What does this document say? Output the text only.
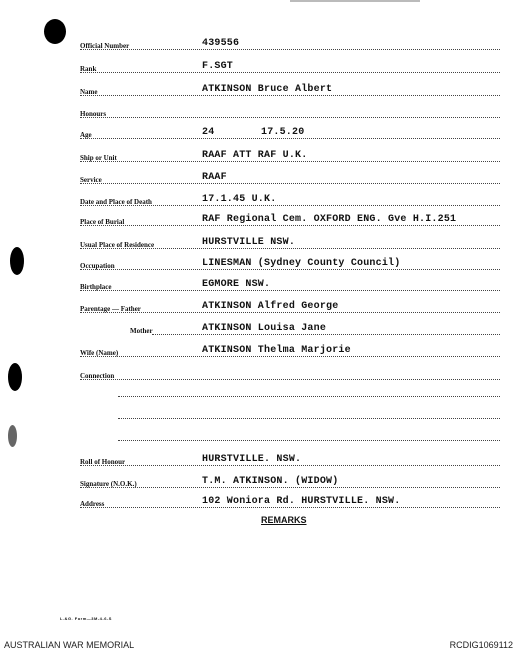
Official Number	439556
Rank	F.SGT
Name	ATKINSON Bruce Albert
Honours
Age	24	17.5.20
Ship or Unit	RAAF ATT RAF U.K.
Service	RAAF
Date and Place of Death	17.1.45 U.K.
Place of Burial	RAF Regional Cem. OXFORD ENG. Gve H.I.251
Usual Place of Residence	HURSTVILLE NSW.
Occupation	LINESMAN (Sydney County Council)
Birthplace	EGMORE NSW.
Parentage — Father	ATKINSON Alfred George
Mother	ATKINSON Louisa Jane
Wife (Name)	ATKINSON Thelma Marjorie
Connection
Roll of Honour	HURSTVILLE. NSW.
Signature (N.O.K.)	T.M. ATKINSON. (WIDOW)
Address	102 Woniora Rd. HURSTVILLE. NSW.
REMARKS
L.&G. Form—3M-4-6-S
AUSTRALIAN WAR MEMORIAL	RCDIG1069112
